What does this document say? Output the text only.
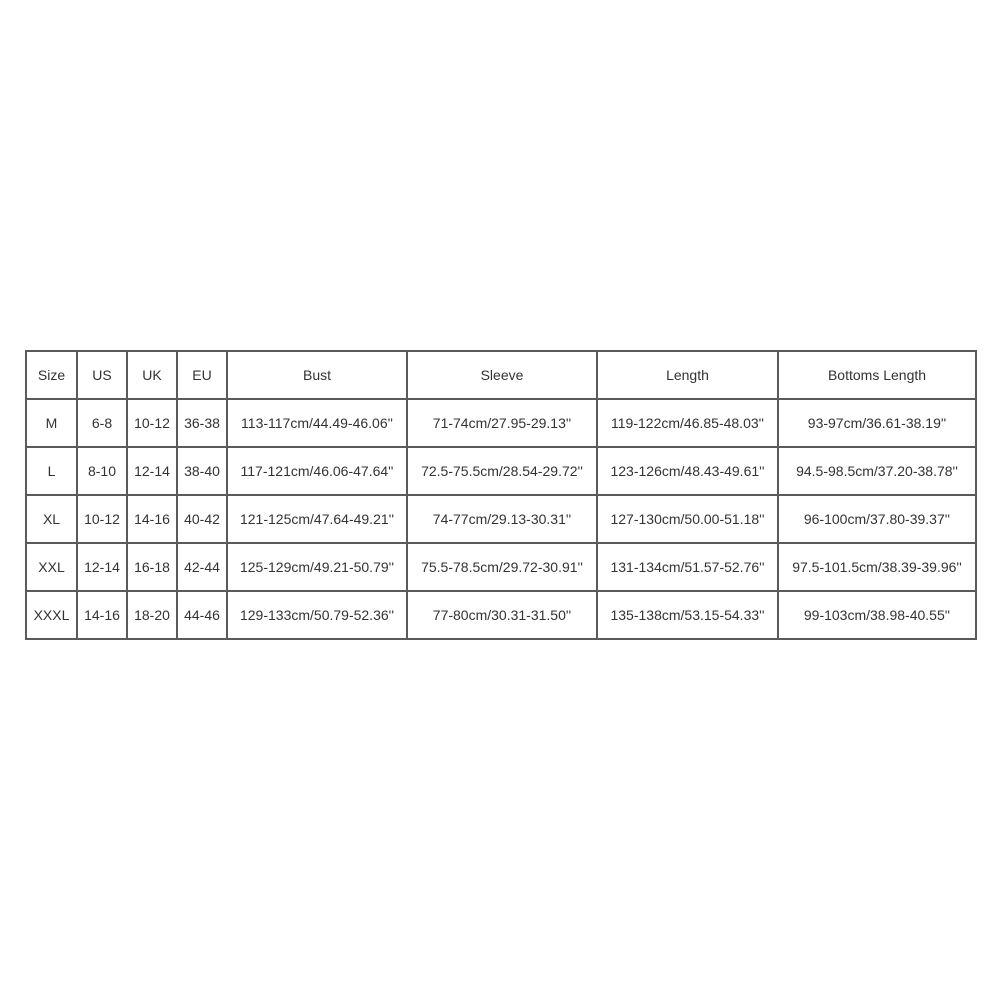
Size	US	UK	EU	Bust	Sleeve	Length	Bottoms Length
M	6-8	10-12	36-38	113-117cm/44.49-46.06''	71-74cm/27.95-29.13''	119-122cm/46.85-48.03''	93-97cm/36.61-38.19''
L	8-10	12-14	38-40	117-121cm/46.06-47.64''	72.5-75.5cm/28.54-29.72''	123-126cm/48.43-49.61''	94.5-98.5cm/37.20-38.78''
XL	10-12	14-16	40-42	121-125cm/47.64-49.21''	74-77cm/29.13-30.31''	127-130cm/50.00-51.18''	96-100cm/37.80-39.37''
XXL	12-14	16-18	42-44	125-129cm/49.21-50.79''	75.5-78.5cm/29.72-30.91''	131-134cm/51.57-52.76''	97.5-101.5cm/38.39-39.96''
XXXL	14-16	18-20	44-46	129-133cm/50.79-52.36''	77-80cm/30.31-31.50''	135-138cm/53.15-54.33''	99-103cm/38.98-40.55''
